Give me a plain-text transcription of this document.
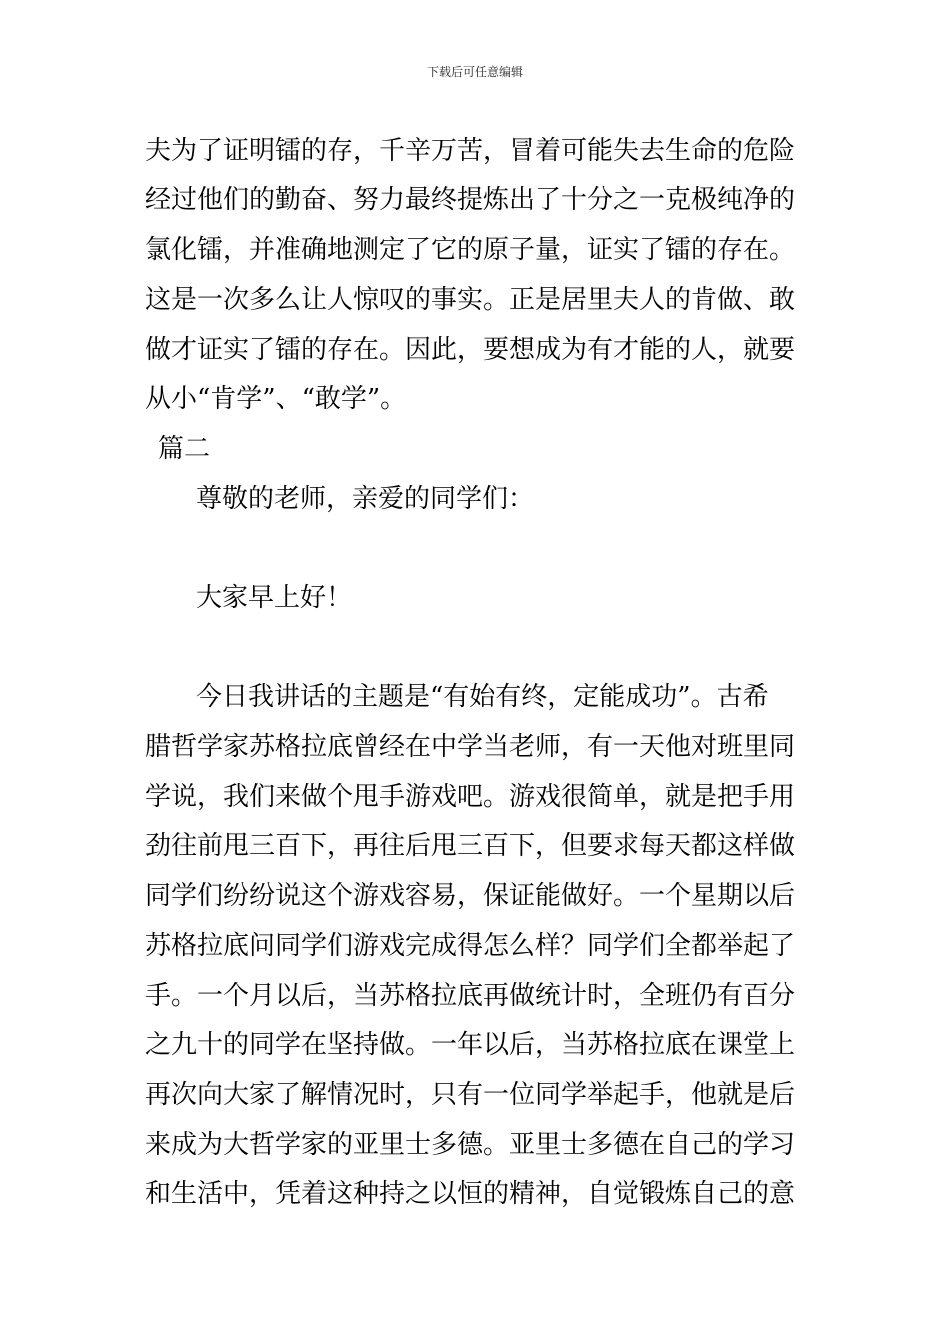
下载后可任意编辑
夫为了证明镭的存，千辛万苦，冒着可能失去生命的危险
经过他们的勤奋、努力最终提炼出了十分之一克极纯净的
氯化镭，并准确地测定了它的原子量，证实了镭的存在。
这是一次多么让人惊叹的事实。正是居里夫人的肯做、敢
做才证实了镭的存在。因此，要想成为有才能的人，就要
从小“肯学”、“敢学”。
篇二
尊敬的老师，亲爱的同学们：
大家早上好！
今日我讲话的主题是“有始有终，定能成功”。古希
腊哲学家苏格拉底曾经在中学当老师，有一天他对班里同
学说，我们来做个甩手游戏吧。游戏很简单，就是把手用
劲往前甩三百下，再往后甩三百下，但要求每天都这样做
同学们纷纷说这个游戏容易，保证能做好。一个星期以后
苏格拉底问同学们游戏完成得怎么样？同学们全都举起了
手。一个月以后，当苏格拉底再做统计时，全班仍有百分
之九十的同学在坚持做。一年以后，当苏格拉底在课堂上
再次向大家了解情况时，只有一位同学举起手，他就是后
来成为大哲学家的亚里士多德。亚里士多德在自己的学习
和生活中，凭着这种持之以恒的精神，自觉锻炼自己的意
